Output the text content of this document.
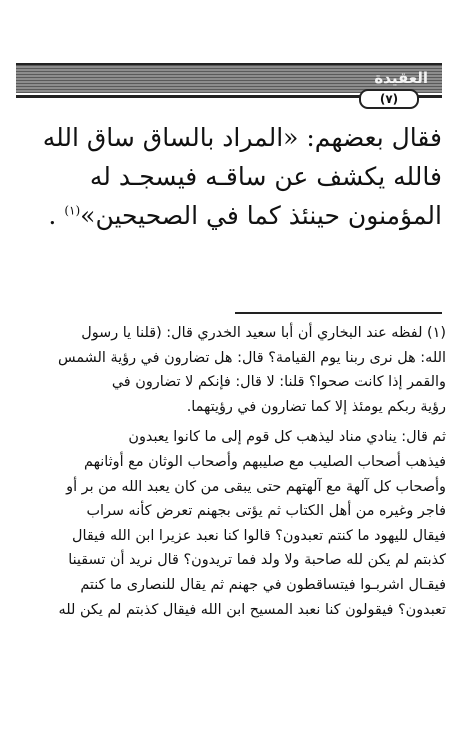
العقيدة
(٧)
فقال بعضهم: «المراد بالساق ساق الله
فالله يكشف عن ساقـه فيسجـد له
المؤمنون حينئذ كما في الصحيحين»$^{(١)}$ .
(١) لفظه عند البخاري أن أبا سعيد الخدري قال: (قلنا يا رسول
الله: هل نرى ربنا يوم القيامة؟ قال: هل تضارون في رؤية الشمس
والقمر إذا كانت صحوا؟ قلنا: لا قال: فإنكم لا تضارون في
رؤية ربكم يومئذ إلا كما تضارون في رؤيتهما.
ثم قال: ينادي مناد ليذهب كل قوم إلى ما كانوا يعبدون
فيذهب أصحاب الصليب مع صليبهم وأصحاب الوثان مع أوثانهم
وأصحاب كل آلهة مع آلهتهم حتى يبقى من كان يعبد الله من بر أو
فاجر وغيره من أهل الكتاب ثم يؤتى بجهنم تعرض كأنه سراب
فيقال لليهود ما كنتم تعبدون؟ قالوا كنا نعبد عزيرا ابن الله فيقال
كذبتم لم يكن لله صاحبة ولا ولد فما تريدون؟ قال نريد أن تسقينا
فيقـال اشربـوا فيتساقطون في جهنم ثم يقال للنصارى ما كنتم
تعبدون؟ فيقولون كنا نعبد المسيح ابن الله فيقال كذبتم لم يكن لله
